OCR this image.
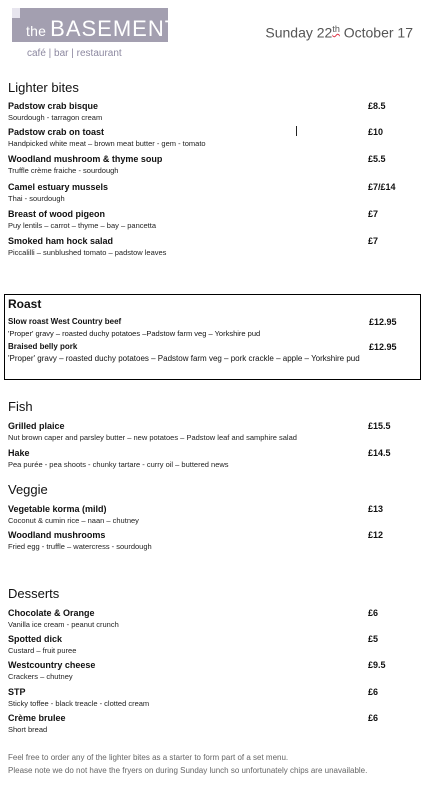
the BASEMENT
café | bar | restaurant
Sunday 22th October 17
Lighter bites
Padstow crab bisque	£8.5
Sourdough - tarragon cream
Padstow crab on toast	£10
Handpicked white meat – brown meat butter - gem - tomato
Woodland mushroom & thyme soup	£5.5
Truffle crème fraiche - sourdough
Camel estuary mussels	£7/£14
Thai - sourdough
Breast of wood pigeon	£7
Puy lentils – carrot – thyme – bay – pancetta
Smoked ham hock salad	£7
Piccalilli – sunblushed tomato – padstow leaves
Roast
Slow roast West Country beef	£12.95
'Proper' gravy – roasted duchy potatoes –Padstow farm veg – Yorkshire pud
Braised belly pork	£12.95
'Proper' gravy – roasted duchy potatoes – Padstow farm veg – pork crackle – apple – Yorkshire pud
Fish
Grilled plaice	£15.5
Nut brown caper and parsley butter – new potatoes – Padstow leaf and samphire salad
Hake	£14.5
Pea purée - pea shoots - chunky tartare - curry oil – buttered news
Veggie
Vegetable korma (mild)	£13
Coconut & cumin rice – naan – chutney
Woodland mushrooms	£12
Fried egg - truffle – watercress - sourdough
Desserts
Chocolate & Orange	£6
Vanilla ice cream - peanut crunch
Spotted dick	£5
Custard – fruit puree
Westcountry cheese	£9.5
Crackers – chutney
STP	£6
Sticky toffee - black treacle - clotted cream
Crème brulee	£6
Short bread
Feel free to order any of the lighter bites as a starter to form part of a set menu.
Please note we do not have the fryers on during Sunday lunch so unfortunately chips are unavailable.
